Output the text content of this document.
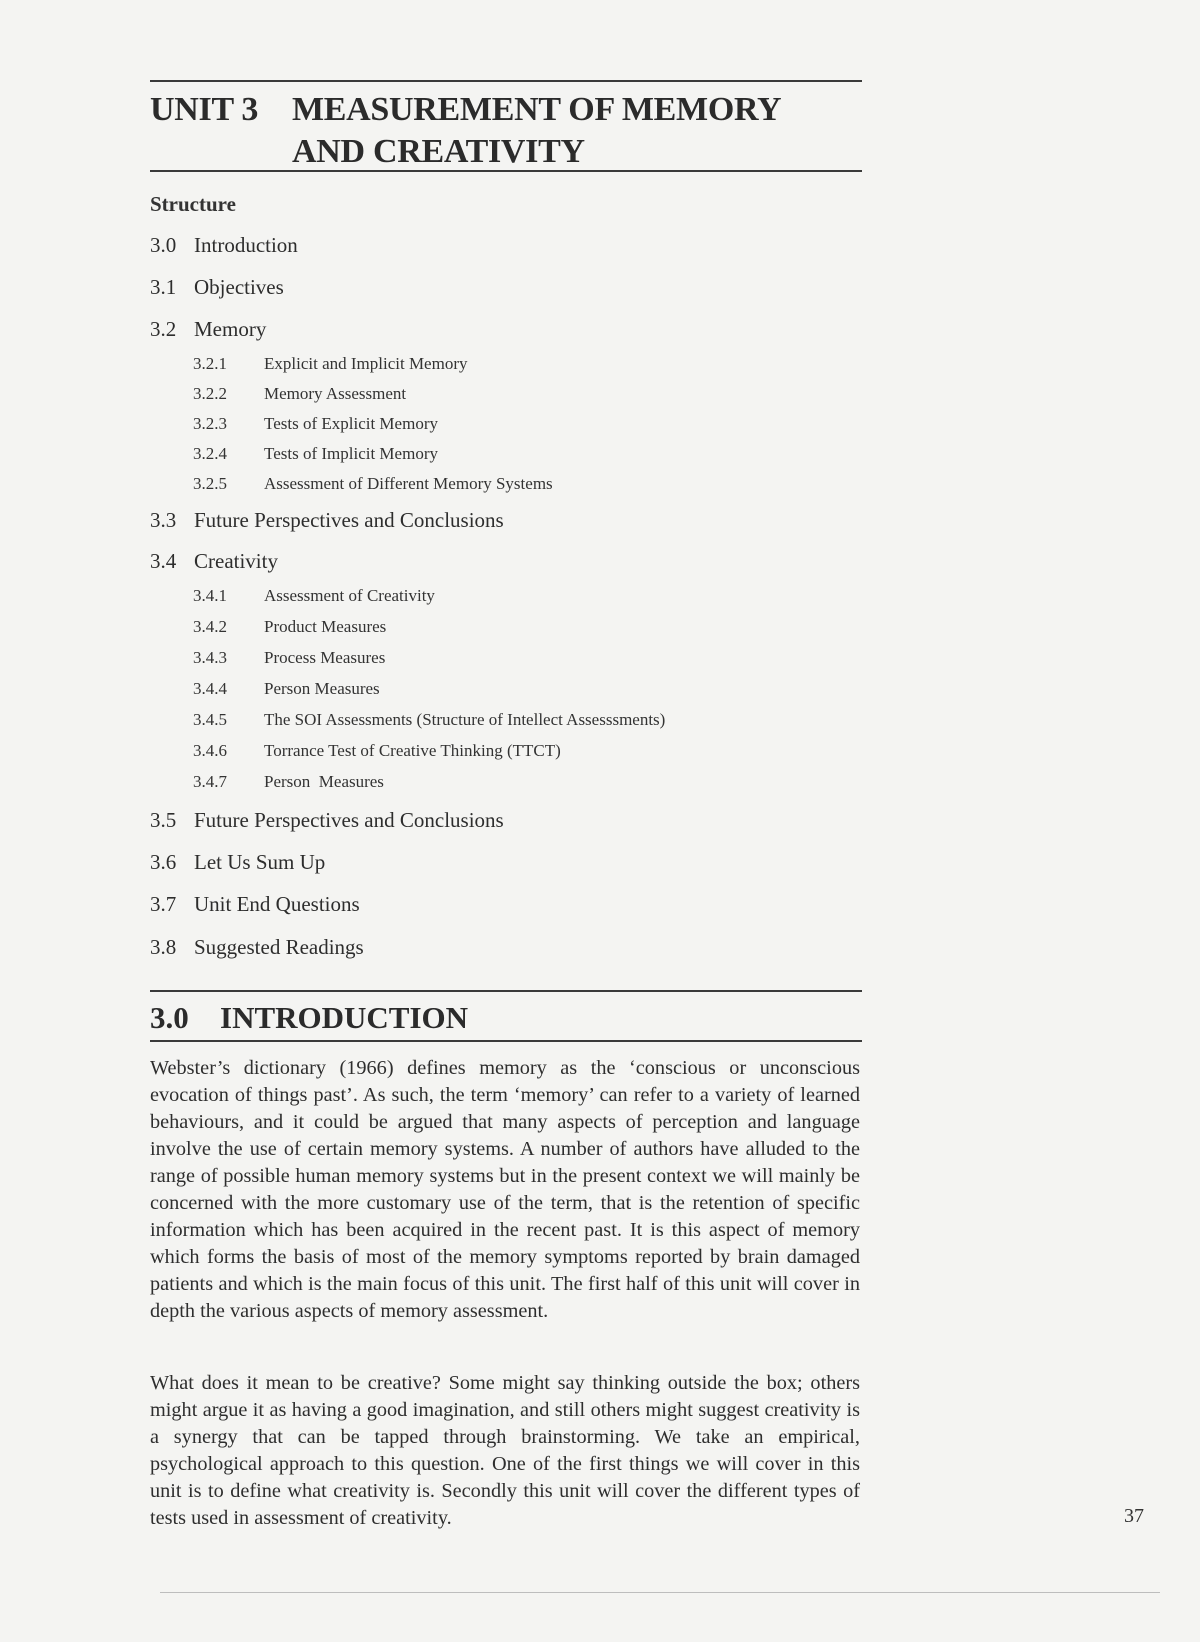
UNIT 3 MEASUREMENT OF MEMORY
AND CREATIVITY
Structure
3.0 Introduction
3.1 Objectives
3.2 Memory
3.2.1 Explicit and Implicit Memory
3.2.2 Memory Assessment
3.2.3 Tests of Explicit Memory
3.2.4 Tests of Implicit Memory
3.2.5 Assessment of Different Memory Systems
3.3 Future Perspectives and Conclusions
3.4 Creativity
3.4.1 Assessment of Creativity
3.4.2 Product Measures
3.4.3 Process Measures
3.4.4 Person Measures
3.4.5 The SOI Assessments (Structure of Intellect Assesssments)
3.4.6 Torrance Test of Creative Thinking (TTCT)
3.4.7 Person  Measures
3.5 Future Perspectives and Conclusions
3.6 Let Us Sum Up
3.7 Unit End Questions
3.8 Suggested Readings
3.0 INTRODUCTION

Webster’s dictionary (1966) defines memory as the ‘conscious or unconscious evocation of things past’. As such, the term ‘memory’ can refer to a variety of learned behaviours, and it could be argued that many aspects of perception and language involve the use of certain memory systems. A number of authors have alluded to the range of possible human memory systems but in the present context we will mainly be concerned with the more customary use of the term, that is the retention of specific information which has been acquired in the recent past. It is this aspect of memory which forms the basis of most of the memory symptoms reported by brain damaged patients and which is the main focus of this unit. The first half of this unit will cover in depth the various aspects of memory assessment.

What does it mean to be creative? Some might say thinking outside the box; others might argue it as having a good imagination, and still others might suggest creativity is a synergy that can be tapped through brainstorming. We take an empirical, psychological approach to this question. One of the first things we will cover in this unit is to define what creativity is. Secondly this unit will cover the different types of tests used in assessment of creativity.	37
